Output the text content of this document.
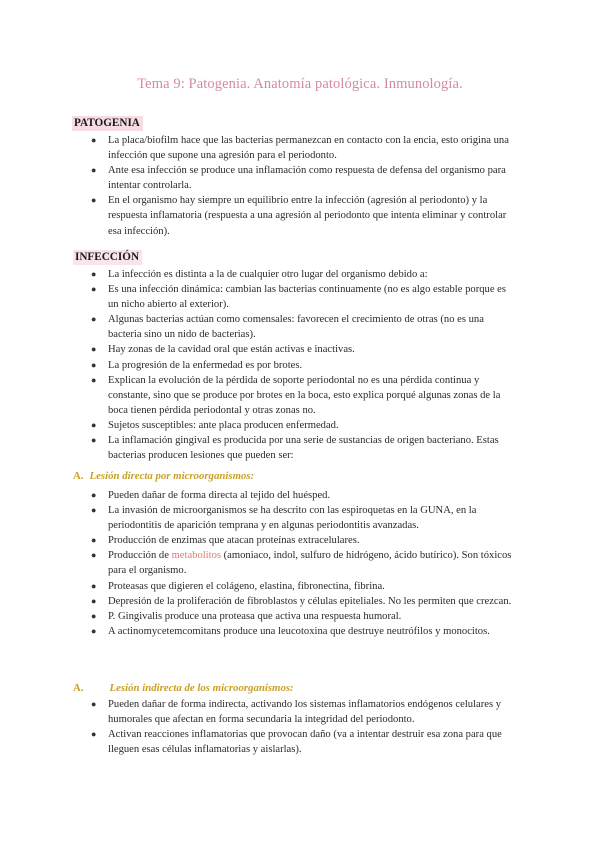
Tema 9: Patogenia. Anatomía patológica. Inmunología.
PATOGENIA
● La placa/biofilm hace que las bacterias permanezcan en contacto con la encia, esto origina una infección que supone una agresión para el periodonto.
● Ante esa infección se produce una inflamación como respuesta de defensa del organismo para intentar controlarla.
● En el organismo hay siempre un equilibrio entre la infección (agresión al periodonto) y la respuesta inflamatoria (respuesta a una agresión al periodonto que intenta eliminar y controlar esa infección).
INFECCIÓN
● La infección es distinta a la de cualquier otro lugar del organismo debido a:
● Es una infección dinámica: cambian las bacterias continuamente (no es algo estable porque es un nicho abierto al exterior).
● Algunas bacterias actúan como comensales: favorecen el crecimiento de otras (no es una bacteria sino un nido de bacterias).
● Hay zonas de la cavidad oral que están activas e inactivas.
● La progresión de la enfermedad es por brotes.
● Explican la evolución de la pérdida de soporte periodontal no es una pérdida continua y constante, sino que se produce por brotes en la boca, esto explica porqué algunas zonas de la boca tienen pérdida periodontal y otras zonas no.
● Sujetos susceptibles: ante placa producen enfermedad.
● La inflamación gingival es producida por una serie de sustancias de origen bacteriano. Estas bacterias producen lesiones que pueden ser:
A. Lesión directa por microorganismos:
● Pueden dañar de forma directa al tejido del huésped.
● La invasión de microorganismos se ha descrito con las espiroquetas en la GUNA, en la periodontitis de aparición temprana y en algunas periodontitis avanzadas.
● Producción de enzimas que atacan proteínas extracelulares.
● Producción de metabolitos (amoniaco, indol, sulfuro de hidrógeno, ácido butírico). Son tóxicos para el organismo.
● Proteasas que digieren el colágeno, elastina, fibronectina, fibrina.
● Depresión de la proliferación de fibroblastos y células epiteliales. No les permiten que crezcan.
● P. Gingivalis produce una proteasa que activa una respuesta humoral.
● A actinomycetemcomitans produce una leucotoxina que destruye neutrófilos y monocitos.
A. Lesión indirecta de los microorganismos:
● Pueden dañar de forma indirecta, activando los sistemas inflamatorios endógenos celulares y humorales que afectan en forma secundaria la integridad del periodonto.
● Activan reacciones inflamatorias que provocan daño (va a intentar destruir esa zona para que lleguen esas células inflamatorias y aislarlas).
